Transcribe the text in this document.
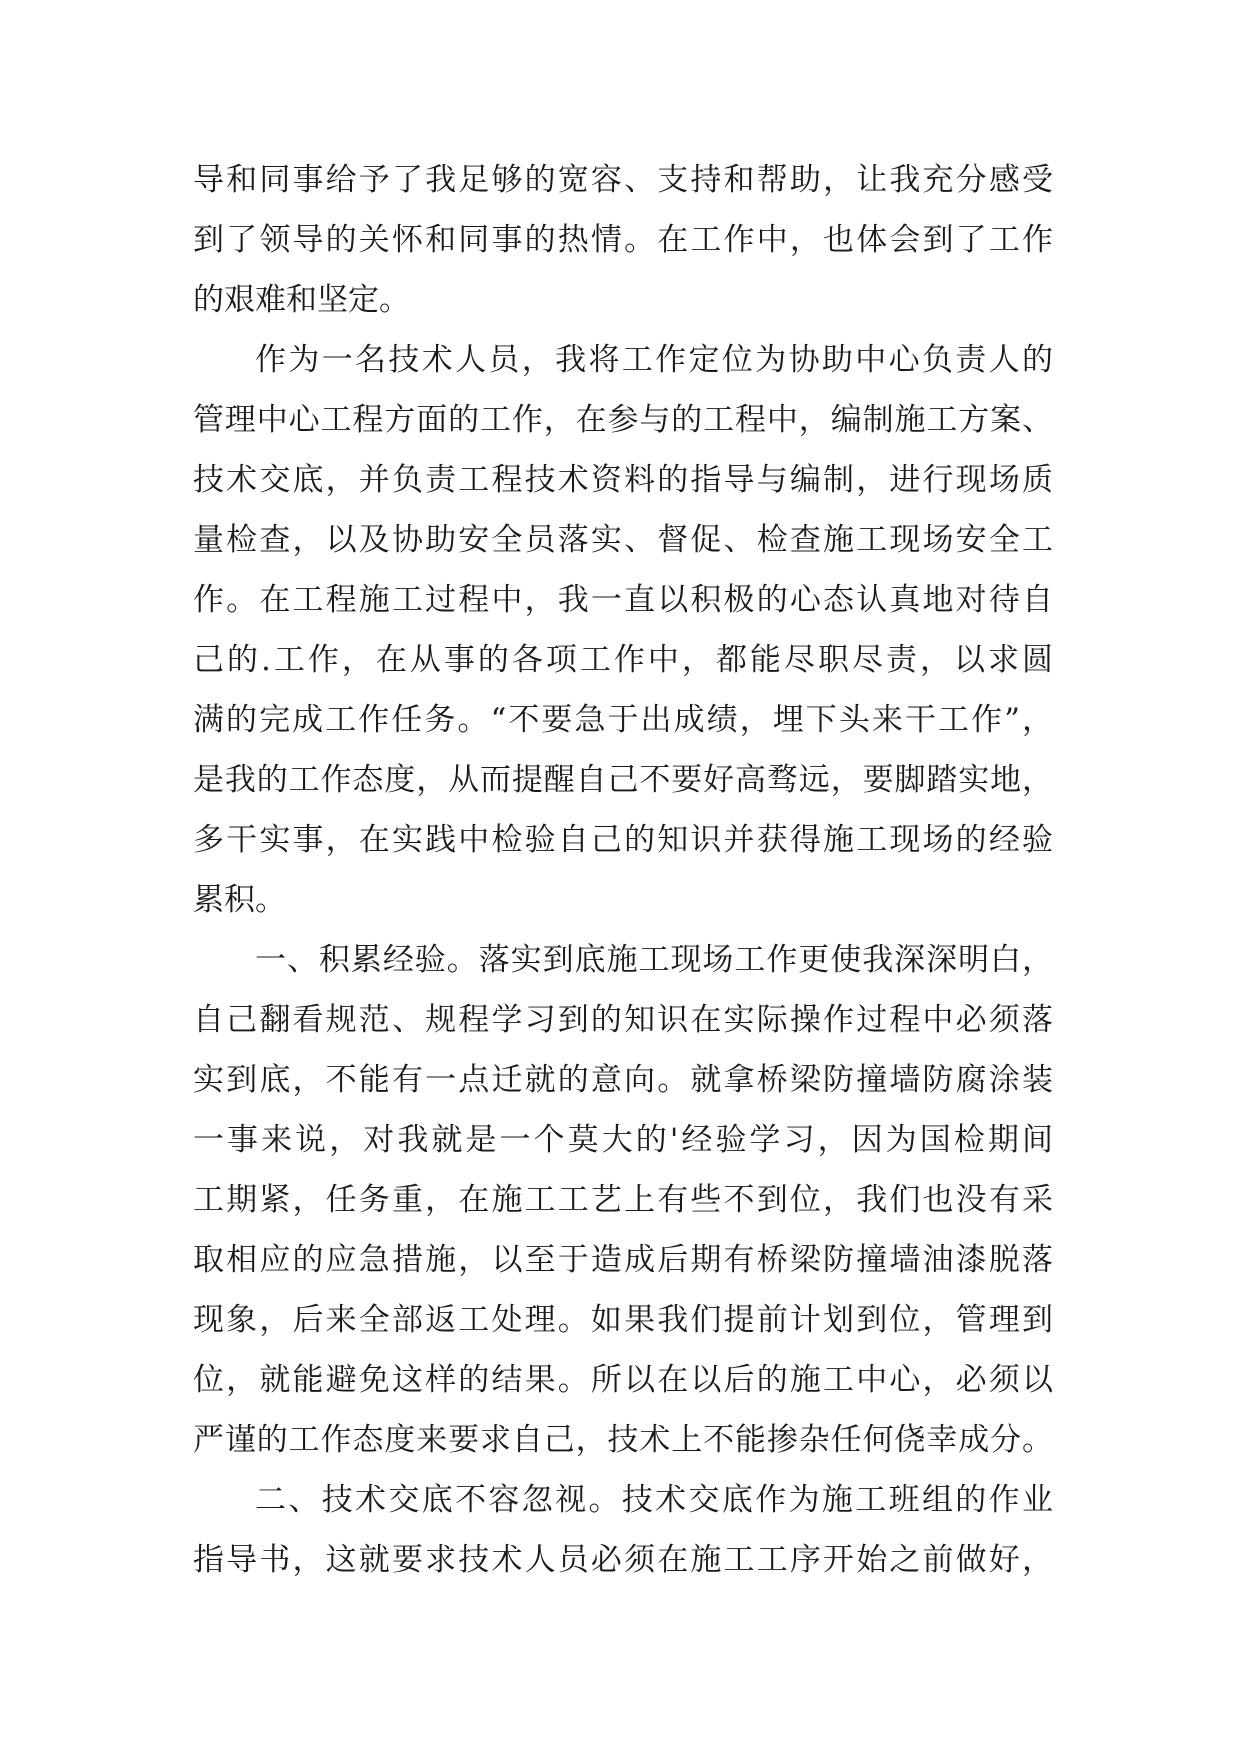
导和同事给予了我足够的宽容、支持和帮助，让我充分感受
到了领导的关怀和同事的热情。在工作中，也体会到了工作
的艰难和坚定。
作为一名技术人员，我将工作定位为协助中心负责人的
管理中心工程方面的工作，在参与的工程中，编制施工方案、
技术交底，并负责工程技术资料的指导与编制，进行现场质
量检查，以及协助安全员落实、督促、检查施工现场安全工
作。在工程施工过程中，我一直以积极的心态认真地对待自
己的.工作，在从事的各项工作中，都能尽职尽责，以求圆
满的完成工作任务。“不要急于出成绩，埋下头来干工作”，
是我的工作态度，从而提醒自己不要好高骛远，要脚踏实地，
多干实事，在实践中检验自己的知识并获得施工现场的经验
累积。
一、积累经验。落实到底施工现场工作更使我深深明白，
自己翻看规范、规程学习到的知识在实际操作过程中必须落
实到底，不能有一点迁就的意向。就拿桥梁防撞墙防腐涂装
一事来说，对我就是一个莫大的'经验学习，因为国检期间
工期紧，任务重，在施工工艺上有些不到位，我们也没有采
取相应的应急措施，以至于造成后期有桥梁防撞墙油漆脱落
现象，后来全部返工处理。如果我们提前计划到位，管理到
位，就能避免这样的结果。所以在以后的施工中心，必须以
严谨的工作态度来要求自己，技术上不能掺杂任何侥幸成分。
二、技术交底不容忽视。技术交底作为施工班组的作业
指导书，这就要求技术人员必须在施工工序开始之前做好，
